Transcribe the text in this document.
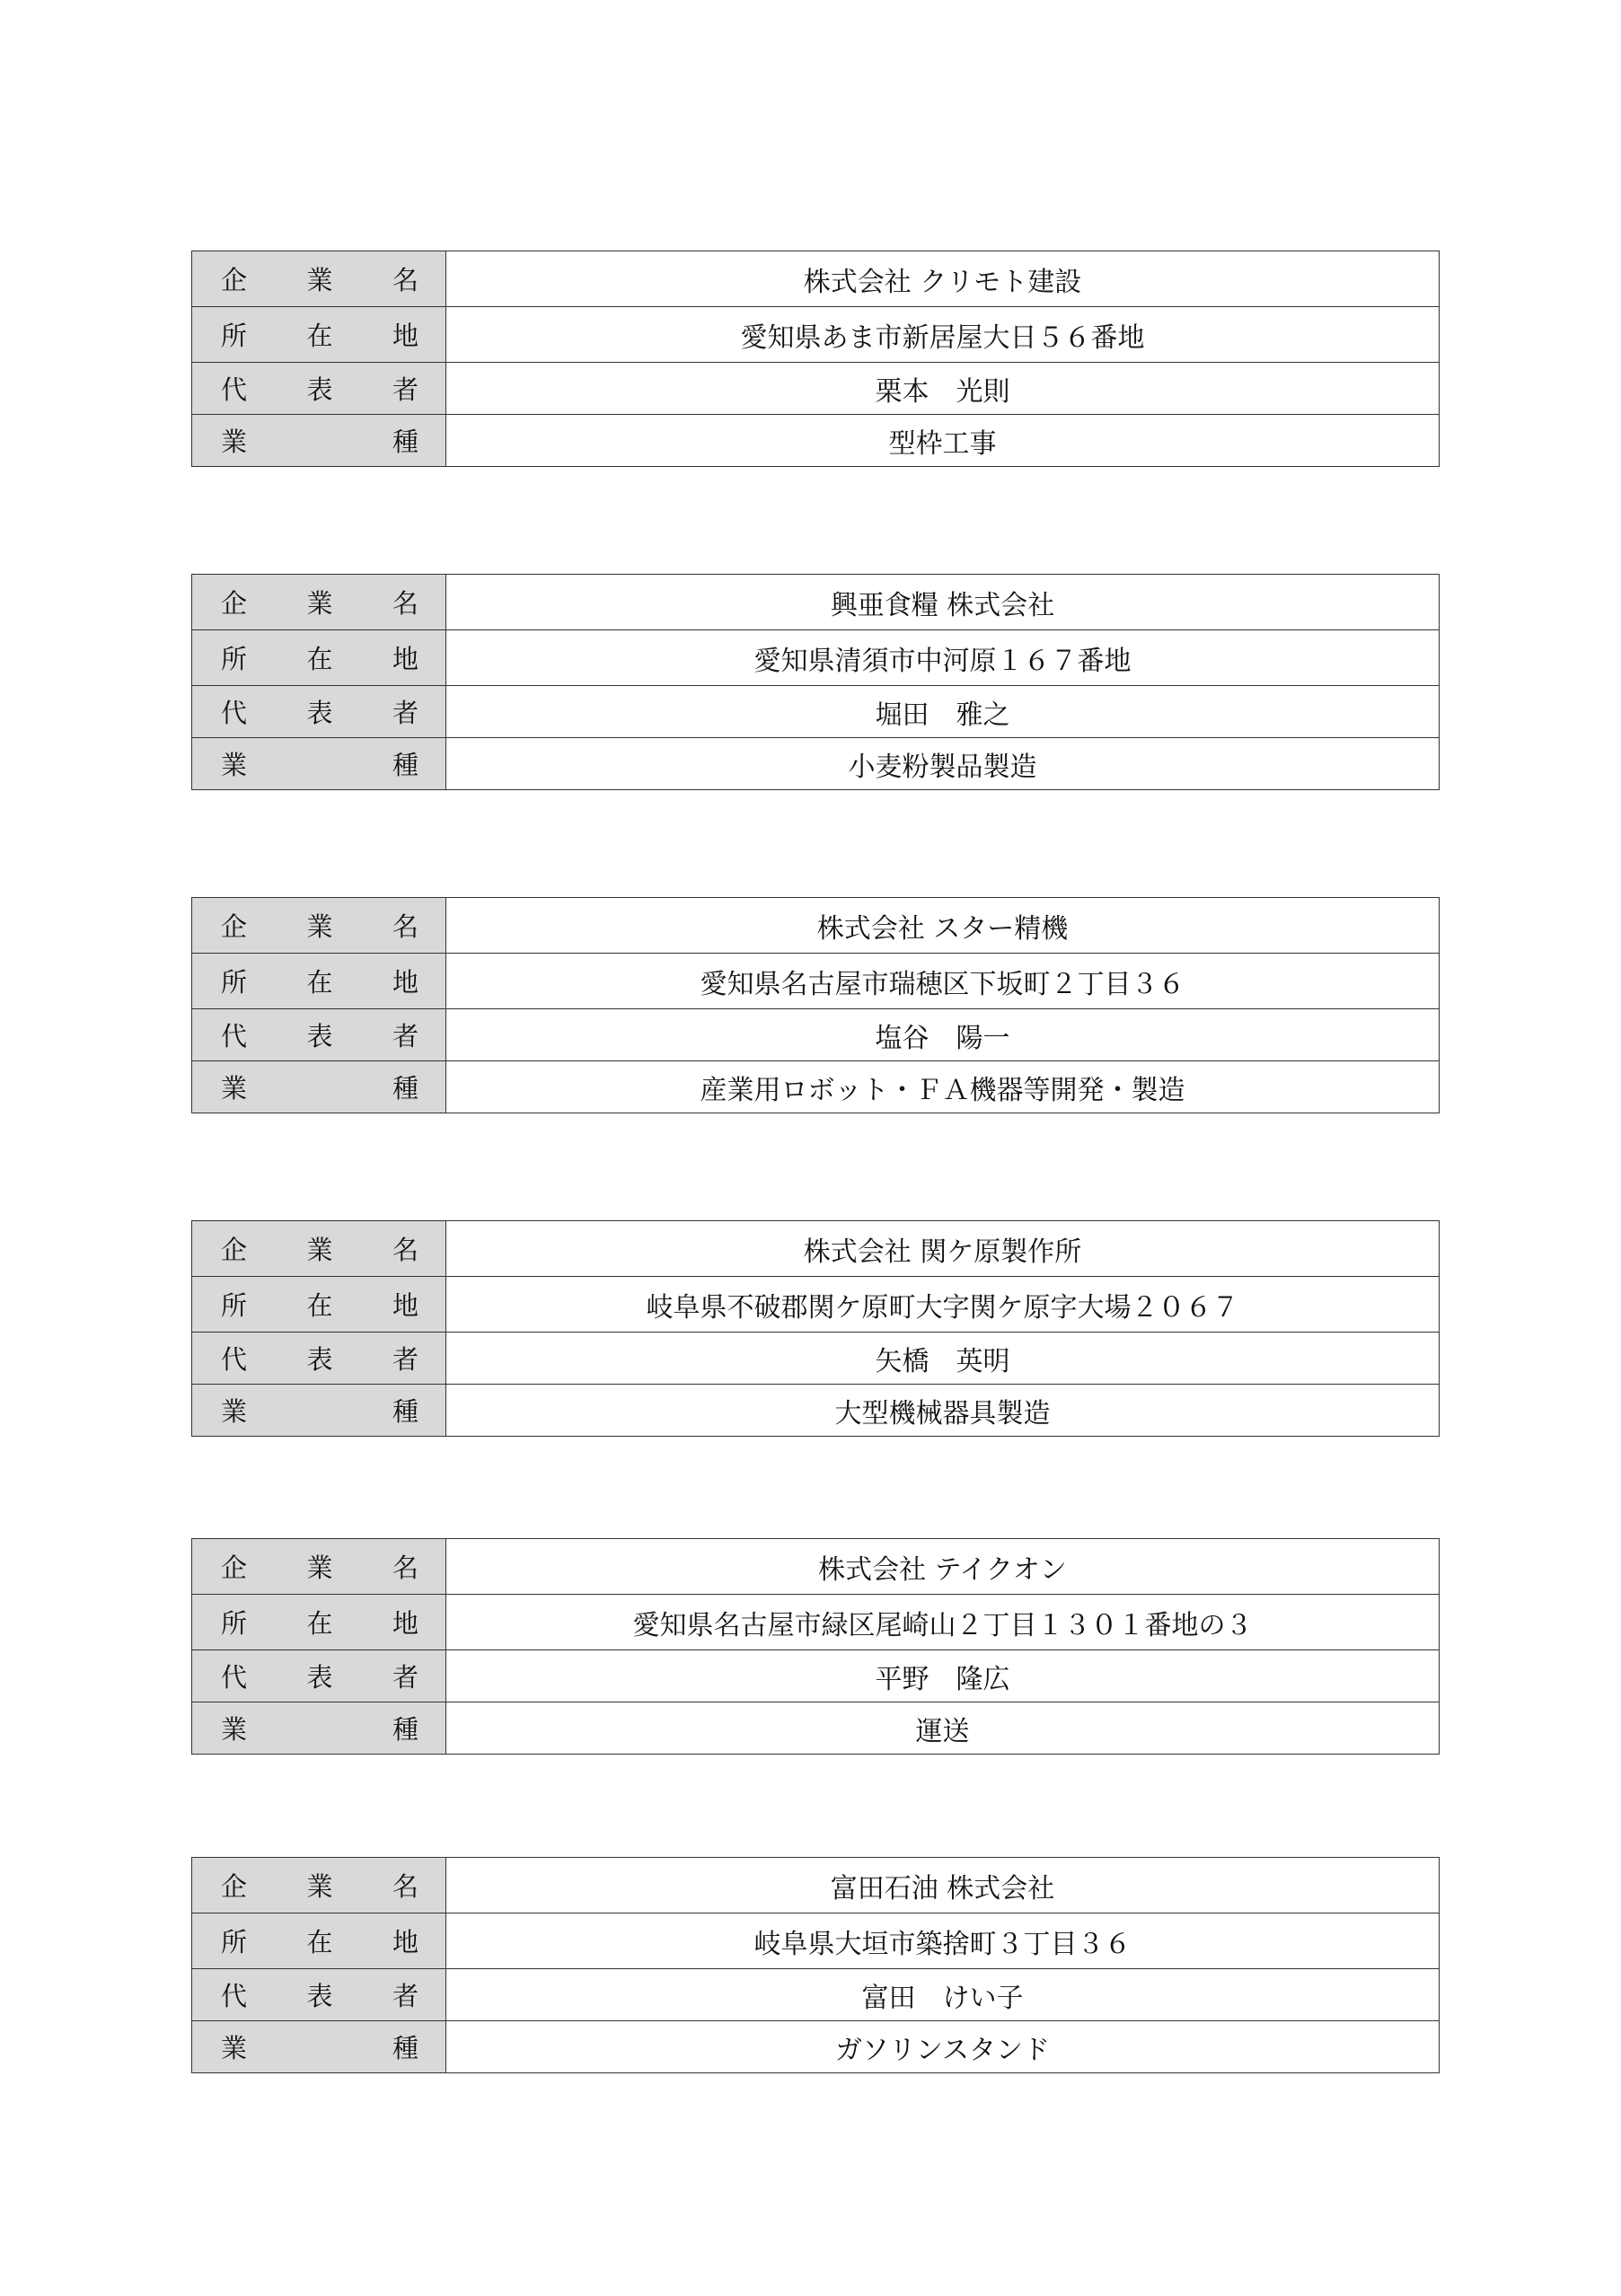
企 業 名	株式会社 クリモト建設

所 在 地	愛知県あま市新居屋大日５６番地

代 表 者	栗本　光則

業 種	型枠工事
企 業 名	興亜食糧 株式会社

所 在 地	愛知県清須市中河原１６７番地

代 表 者	堀田　雅之

業 種	小麦粉製品製造
企 業 名	株式会社 スター精機

所 在 地	愛知県名古屋市瑞穂区下坂町２丁目３６

代 表 者	塩谷　陽一

業 種	産業用ロボット・ＦＡ機器等開発・製造
企 業 名	株式会社 関ケ原製作所

所 在 地	岐阜県不破郡関ケ原町大字関ケ原字大場２０６７

代 表 者	矢橋　英明

業 種	大型機械器具製造
企 業 名	株式会社 テイクオン

所 在 地	愛知県名古屋市緑区尾崎山２丁目１３０１番地の３

代 表 者	平野　隆広

業 種	運送
企 業 名	富田石油 株式会社

所 在 地	岐阜県大垣市築捨町３丁目３６

代 表 者	富田　けい子

業 種	ガソリンスタンド
